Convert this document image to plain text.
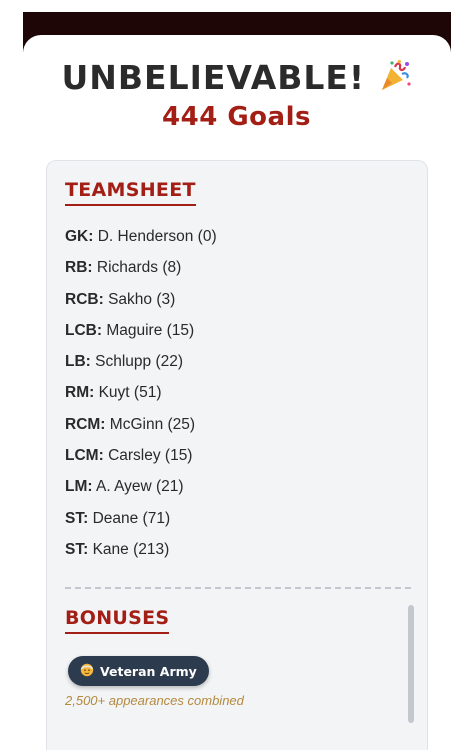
UNBELIEVABLE!
444 Goals
TEAMSHEET
GK: D. Henderson (0)
RB: Richards (8)
RCB: Sakho (3)
LCB: Maguire (15)
LB: Schlupp (22)
RM: Kuyt (51)
RCM: McGinn (25)
LCM: Carsley (15)
LM: A. Ayew (21)
ST: Deane (71)
ST: Kane (213)
BONUSES
Veteran Army
2,500+ appearances combined
